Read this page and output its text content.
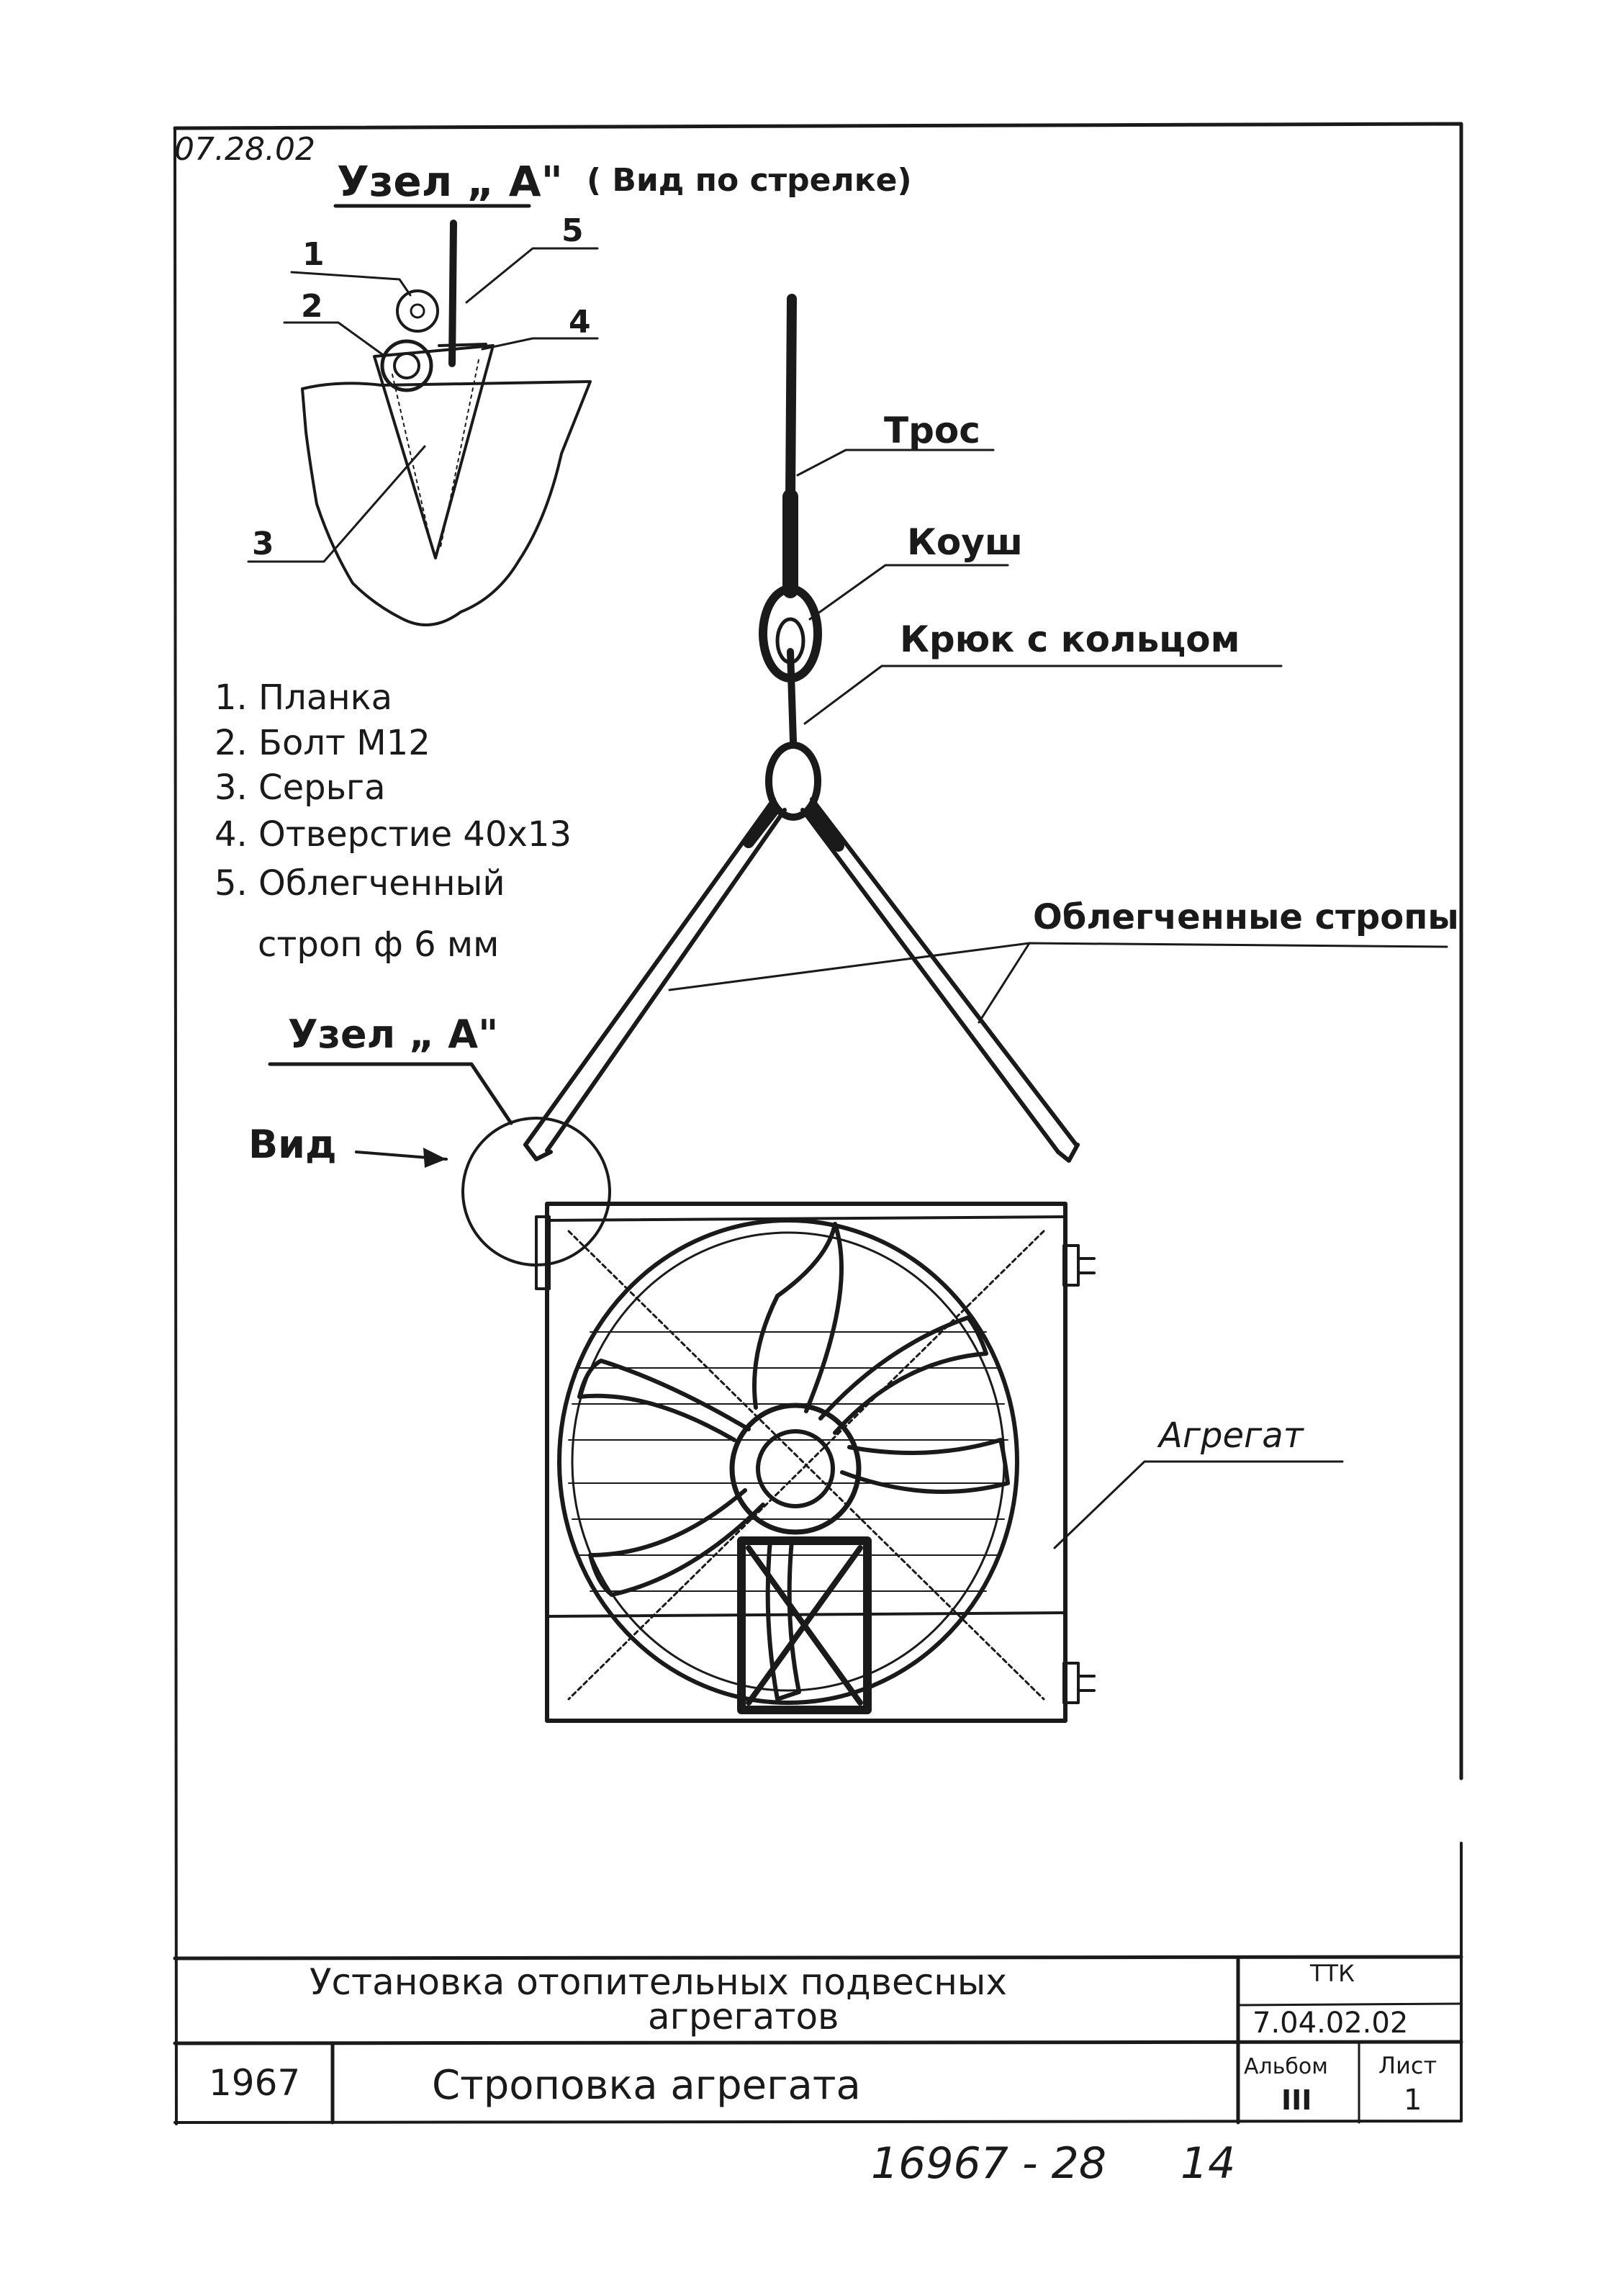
07.28.02
Узел „ А" ( Вид по стрелке)
1
2
3
4
5
1. Планка
2. Болт М12
3. Серьга
4. Отверстие 40х13
5. Облегченный
строп ф 6 мм
Узел „ А"
Вид
Трос
Коуш
Крюк с кольцом
Облегченные стропы
Агрегат
Установка отопительных подвесных
агрегатов
ТТК
7.04.02.02
1967	Строповка агрегата	Альбом
III
Лист
1
16967 - 28 14
